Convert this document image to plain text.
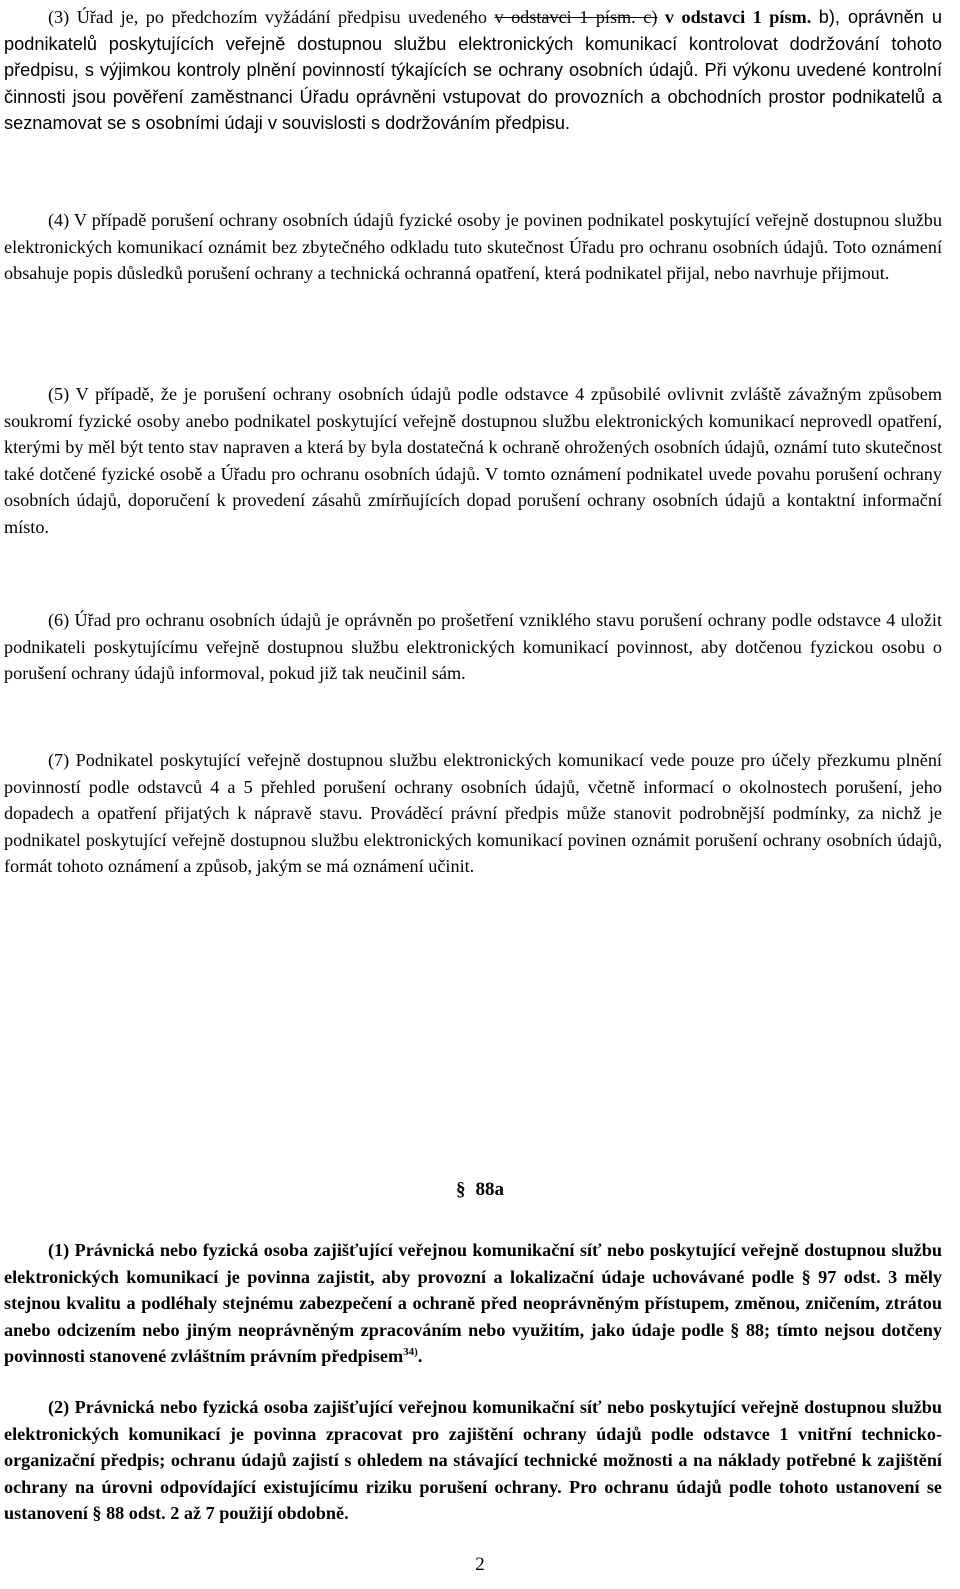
(3) Úřad je, po předchozím vyžádání předpisu uvedeného v odstavci 1 písm. c) v odstavci 1 písm. b), oprávněn u podnikatelů poskytujících veřejně dostupnou službu elektronických komunikací kontrolovat dodržování tohoto předpisu, s výjimkou kontroly plnění povinností týkajících se ochrany osobních údajů. Při výkonu uvedené kontrolní činnosti jsou pověření zaměstnanci Úřadu oprávněni vstupovat do provozních a obchodních prostor podnikatelů a seznamovat se s osobními údaji v souvislosti s dodržováním předpisu.

(4) V případě porušení ochrany osobních údajů fyzické osoby je povinen podnikatel poskytující veřejně dostupnou službu elektronických komunikací oznámit bez zbytečného odkladu tuto skutečnost Úřadu pro ochranu osobních údajů. Toto oznámení obsahuje popis důsledků porušení ochrany a technická ochranná opatření, která podnikatel přijal, nebo navrhuje přijmout.

(5) V případě, že je porušení ochrany osobních údajů podle odstavce 4 způsobilé ovlivnit zvláště závažným způsobem soukromí fyzické osoby anebo podnikatel poskytující veřejně dostupnou službu elektronických komunikací neprovedl opatření, kterými by měl být tento stav napraven a která by byla dostatečná k ochraně ohrožených osobních údajů, oznámí tuto skutečnost také dotčené fyzické osobě a Úřadu pro ochranu osobních údajů. V tomto oznámení podnikatel uvede povahu porušení ochrany osobních údajů, doporučení k provedení zásahů zmírňujících dopad porušení ochrany osobních údajů a kontaktní informační místo.

(6) Úřad pro ochranu osobních údajů je oprávněn po prošetření vzniklého stavu porušení ochrany podle odstavce 4 uložit podnikateli poskytujícímu veřejně dostupnou službu elektronických komunikací povinnost, aby dotčenou fyzickou osobu o porušení ochrany údajů informoval, pokud již tak neučinil sám.

(7) Podnikatel poskytující veřejně dostupnou službu elektronických komunikací vede pouze pro účely přezkumu plnění povinností podle odstavců 4 a 5 přehled porušení ochrany osobních údajů, včetně informací o okolnostech porušení, jeho dopadech a opatření přijatých k nápravě stavu. Prováděcí právní předpis může stanovit podrobnější podmínky, za nichž je podnikatel poskytující veřejně dostupnou službu elektronických komunikací povinen oznámit porušení ochrany osobních údajů, formát tohoto oznámení a způsob, jakým se má oznámení učinit.

§ 88a

(1) Právnická nebo fyzická osoba zajišťující veřejnou komunikační síť nebo poskytující veřejně dostupnou službu elektronických komunikací je povinna zajistit, aby provozní a lokalizační údaje uchovávané podle § 97 odst. 3 měly stejnou kvalitu a podléhaly stejnému zabezpečení a ochraně před neoprávněným přístupem, změnou, zničením, ztrátou anebo odcizením nebo jiným neoprávněným zpracováním nebo využitím, jako údaje podle § 88; tímto nejsou dotčeny povinnosti stanovené zvláštním právním předpisem$^{34)}$.

(2) Právnická nebo fyzická osoba zajišťující veřejnou komunikační síť nebo poskytující veřejně dostupnou službu elektronických komunikací je povinna zpracovat pro zajištění ochrany údajů podle odstavce 1 vnitřní technicko-organizační předpis; ochranu údajů zajistí s ohledem na stávající technické možnosti a na náklady potřebné k zajištění ochrany na úrovni odpovídající existujícímu riziku porušení ochrany. Pro ochranu údajů podle tohoto ustanovení se ustanovení § 88 odst. 2 až 7 použijí obdobně.

2
